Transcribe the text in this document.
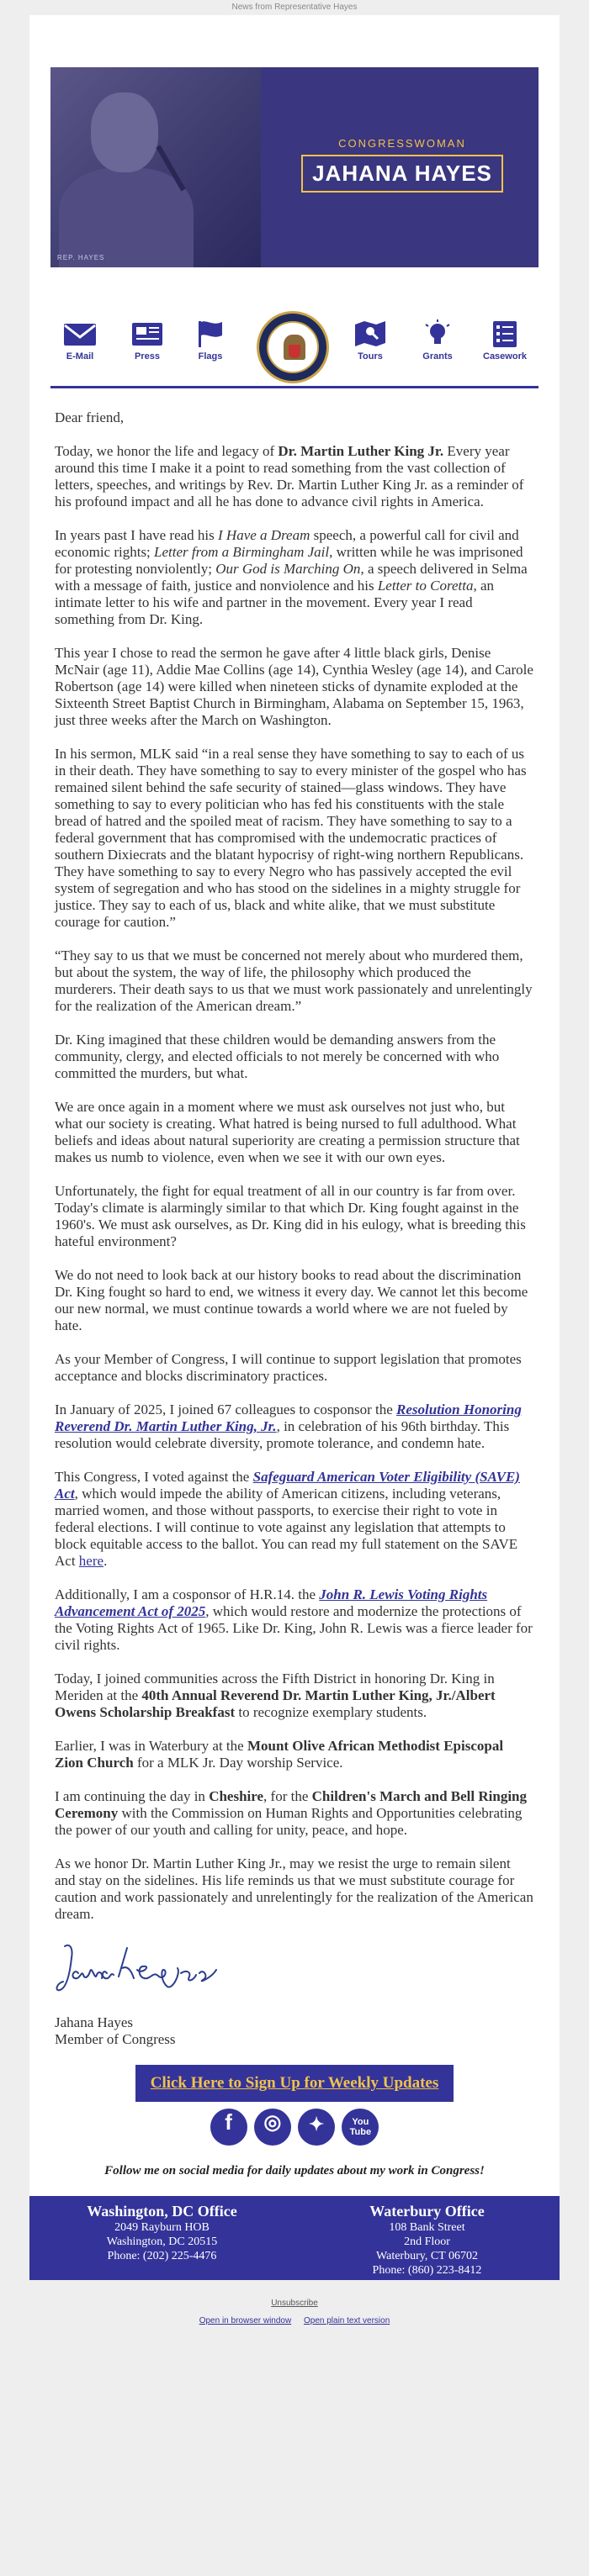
News from Representative Hayes
REP. HAYES
CONGRESSWOMAN
JAHANA HAYES
E-Mail	Press	Flags	Tours	Grants	Casework

Dear friend,

Today, we honor the life and legacy of Dr. Martin Luther King Jr. Every year around this time I make it a point to read something from the vast collection of letters, speeches, and writings by Rev. Dr. Martin Luther King Jr. as a reminder of his profound impact and all he has done to advance civil rights in America.

In years past I have read his I Have a Dream speech, a powerful call for civil and economic rights; Letter from a Birmingham Jail, written while he was imprisoned for protesting nonviolently; Our God is Marching On, a speech delivered in Selma with a message of faith, justice and nonviolence and his Letter to Coretta, an intimate letter to his wife and partner in the movement. Every year I read something from Dr. King.

This year I chose to read the sermon he gave after 4 little black girls, Denise McNair (age 11), Addie Mae Collins (age 14), Cynthia Wesley (age 14), and Carole Robertson (age 14) were killed when nineteen sticks of dynamite exploded at the Sixteenth Street Baptist Church in Birmingham, Alabama on September 15, 1963, just three weeks after the March on Washington.

In his sermon, MLK said “in a real sense they have something to say to each of us in their death. They have something to say to every minister of the gospel who has remained silent behind the safe security of stained—glass windows. They have something to say to every politician who has fed his constituents with the stale bread of hatred and the spoiled meat of racism. They have something to say to a federal government that has compromised with the undemocratic practices of southern Dixiecrats and the blatant hypocrisy of right-wing northern Republicans. They have something to say to every Negro who has passively accepted the evil system of segregation and who has stood on the sidelines in a mighty struggle for justice. They say to each of us, black and white alike, that we must substitute courage for caution.”

“They say to us that we must be concerned not merely about who murdered them, but about the system, the way of life, the philosophy which produced the murderers. Their death says to us that we must work passionately and unrelentingly for the realization of the American dream.”

Dr. King imagined that these children would be demanding answers from the community, clergy, and elected officials to not merely be concerned with who committed the murders, but what.

We are once again in a moment where we must ask ourselves not just who, but what our society is creating. What hatred is being nursed to full adulthood. What beliefs and ideas about natural superiority are creating a permission structure that makes us numb to violence, even when we see it with our own eyes.

Unfortunately, the fight for equal treatment of all in our country is far from over. Today's climate is alarmingly similar to that which Dr. King fought against in the 1960's. We must ask ourselves, as Dr. King did in his eulogy, what is breeding this hateful environment?

We do not need to look back at our history books to read about the discrimination Dr. King fought so hard to end, we witness it every day. We cannot let this become our new normal, we must continue towards a world where we are not fueled by hate.

As your Member of Congress, I will continue to support legislation that promotes acceptance and blocks discriminatory practices.

In January of 2025, I joined 67 colleagues to cosponsor the Resolution Honoring Reverend Dr. Martin Luther King, Jr., in celebration of his 96th birthday. This resolution would celebrate diversity, promote tolerance, and condemn hate.

This Congress, I voted against the Safeguard American Voter Eligibility (SAVE) Act, which would impede the ability of American citizens, including veterans, married women, and those without passports, to exercise their right to vote in federal elections. I will continue to vote against any legislation that attempts to block equitable access to the ballot. You can read my full statement on the SAVE Act here.

Additionally, I am a cosponsor of H.R.14. the John R. Lewis Voting Rights Advancement Act of 2025, which would restore and modernize the protections of the Voting Rights Act of 1965. Like Dr. King, John R. Lewis was a fierce leader for civil rights.

Today, I joined communities across the Fifth District in honoring Dr. King in Meriden at the 40th Annual Reverend Dr. Martin Luther King, Jr./Albert Owens Scholarship Breakfast to recognize exemplary students.

Earlier, I was in Waterbury at the Mount Olive African Methodist Episcopal Zion Church for a MLK Jr. Day worship Service.

I am continuing the day in Cheshire, for the Children's March and Bell Ringing Ceremony with the Commission on Human Rights and Opportunities celebrating the power of our youth and calling for unity, peace, and hope.

As we honor Dr. Martin Luther King Jr., may we resist the urge to remain silent and stay on the sidelines. His life reminds us that we must substitute courage for caution and work passionately and unrelentingly for the realization of the American dream.

Jahana Hayes
Member of Congress
Click Here to Sign Up for Weekly Updates
f
	◎
	✦
	You Tube

Follow me on social media for daily updates about my work in Congress!

Washington, DC Office
2049 Rayburn HOB
Washington, DC 20515
Phone: (202) 225-4476
Waterbury Office
108 Bank Street
2nd Floor
Waterbury, CT 06702
Phone: (860) 223-8412
Unsubscribe
Open in browser window Open plain text version
